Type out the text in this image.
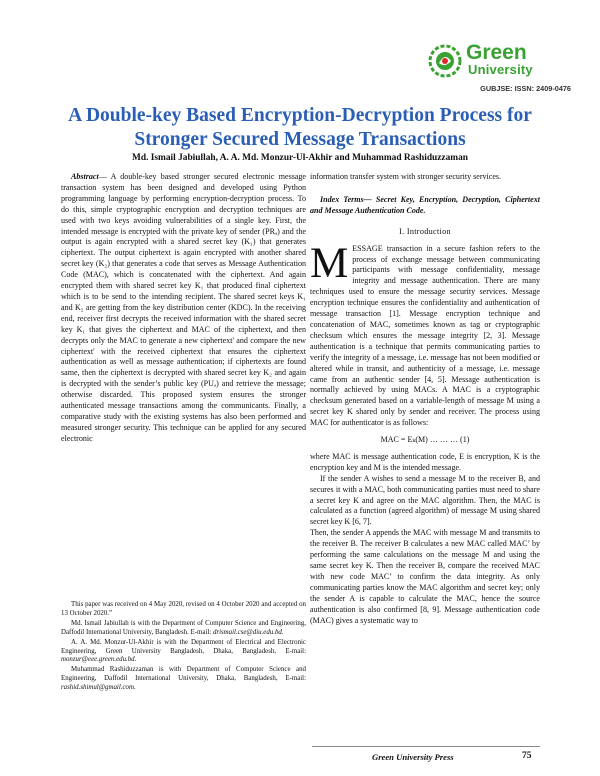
Green
University
GUBJSE: ISSN: 2409-0476
A Double-key Based Encryption-Decryption Process for Stronger Secured Message Transactions
Md. Ismail Jabiullah, A. A. Md. Monzur-Ul-Akhir and Muhammad Rashiduzzaman

Abstract— A double-key based stronger secured electronic message transaction system has been designed and developed using Python programming language by performing encryption-decryption process. To do this, simple cryptographic encryption and decryption techniques are used with two keys avoiding vulnerabilities of a single key. First, the intended message is encrypted with the private key of sender (PRₐ) and the output is again encrypted with a shared secret key (K₁) that generates ciphertext. The output ciphertext is again encrypted with another shared secret key (K₂) that generates a code that serves as Message Authentication Code (MAC), which is concatenated with the ciphertext. And again encrypted them with shared secret key K₁ that produced final ciphertext which is to be send to the intending recipient. The shared secret keys K₁ and K₂ are getting from the key distribution center (KDC). In the receiving end, receiver first decrypts the received information with the shared secret key K₁ that gives the ciphertext and MAC of the ciphertext, and then decrypts only the MAC to generate a new ciphertext' and compare the new ciphertext' with the received ciphertext that ensures the ciphertext authentication as well as message authentication; if ciphertexts are found same, then the ciphertext is decrypted with shared secret key K₂ and again is decrypted with the sender’s public key (PUₐ) and retrieve the message; otherwise discarded. This proposed system ensures the stronger authenticated message transactions among the communicants. Finally, a comparative study with the existing systems has also been performed and measured stronger security. This technique can be applied for any secured electronic

This paper was received on 4 May 2020, revised on 4 October 2020 and accepted on 13 October 2020.”

Md. Ismail Jabiullah is with the Department of Computer Science and Engineering, Daffodil International University, Bangladesh. E-mail: drismail.cse@diu.edu.bd.

A. A. Md. Monzur-Ul-Akhir is with the Department of Electrical and Electronic Engineering, Green University Bangladesh, Dhaka, Bangladesh, E-mail: monzur@eee.green.edu.bd.

Muhammad Rashiduzzaman is with Department of Computer Science and Engineering, Daffodil International University, Dhaka, Bangladesh, E-mail: rashid.shimul@gmail.com.

information transfer system with stronger security services.

Index Terms— Secret Key, Encryption, Decryption, Ciphertext and Message Authentication Code.

I. Introduction

MESSAGE transaction in a secure fashion refers to the process of exchange message between communicating participants with message confidentiality, message integrity and message authentication. There are many techniques used to ensure the message security services. Message encryption technique ensures the confidentiality and authentication of message transaction [1]. Message encryption technique and concatenation of MAC, sometimes known as tag or cryptographic checksum which ensures the message integrity [2, 3]. Message authentication is a technique that permits communicating parties to verify the integrity of a message, i.e. message has not been modified or altered while in transit, and authenticity of a message, i.e. message came from an authentic sender [4, 5]. Message authentication is normally achieved by using MACs. A MAC is a cryptographic checksum generated based on a variable-length of message M using a secret key K shared only by sender and receiver. The process using MAC for authenticator is as follows:

MAC = Eₖ(M) … … … (1)

where MAC is message authentication code, E is encryption, K is the encryption key and M is the intended message.

If the sender A wishes to send a message M to the receiver B, and secures it with a MAC, both communicating parties must need to share a secret key K and agree on the MAC algorithm. Then, the MAC is calculated as a function (agreed algorithm) of message M using shared secret key K [6, 7].

Then, the sender A appends the MAC with message M and transmits to the receiver B. The receiver B calculates a new MAC called MAC’ by performing the same calculations on the message M and using the same secret key K. Then the receiver B, compare the received MAC with new code MAC’ to confirm the data integrity. As only communicating parties know the MAC algorithm and secret key; only the sender A is capable to calculate the MAC, hence the source authentication is also confirmed [8, 9]. Message authentication code (MAC) gives a systematic way to

Green University Press	75
